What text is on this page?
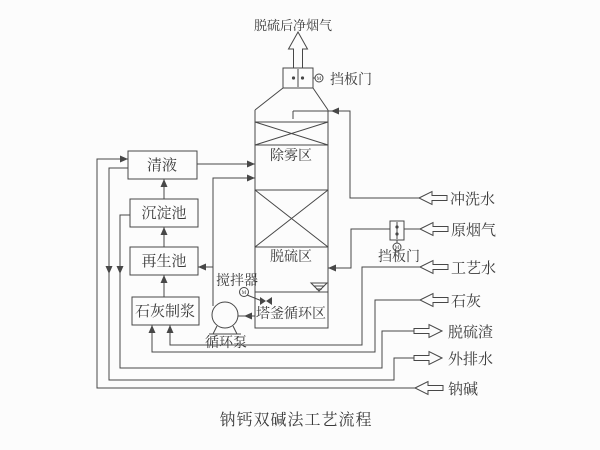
除雾区
脱硫区
塔釜循环区
M 挡板门
脱硫后净烟气
清液
沉淀池
再生池
石灰制浆
循环泵
搅拌器
M
冲洗水
M
原烟气
挡板门
工艺水
石灰
脱硫渣
外排水
钠碱
钠钙双碱法工艺流程
